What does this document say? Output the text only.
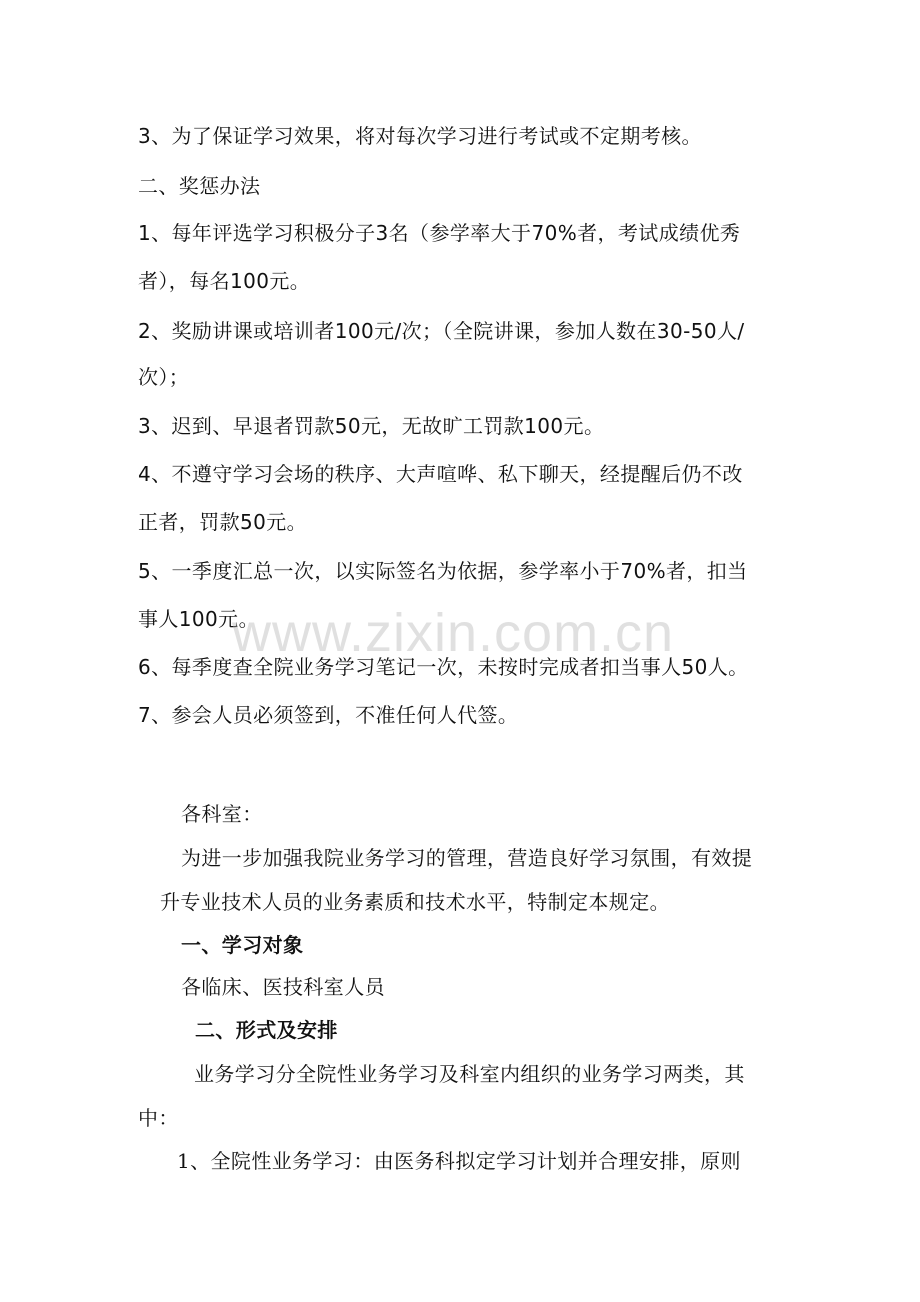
3、为了保证学习效果，将对每次学习进行考试或不定期考核。
二、奖惩办法
1、每年评选学习积极分子3名（参学率大于70%者，考试成绩优秀
者），每名100元。
2、奖励讲课或培训者100元/次；（全院讲课，参加人数在30-50人/
次）；
3、迟到、早退者罚款50元，无故旷工罚款100元。
4、不遵守学习会场的秩序、大声喧哗、私下聊天，经提醒后仍不改
正者，罚款50元。
5、一季度汇总一次，以实际签名为依据，参学率小于70%者，扣当
事人100元。
6、每季度查全院业务学习笔记一次，未按时完成者扣当事人50人。
7、参会人员必须签到，不准任何人代签。
各科室：
为进一步加强我院业务学习的管理，营造良好学习氛围，有效提
升专业技术人员的业务素质和技术水平，特制定本规定。
一、学习对象
各临床、医技科室人员
二、形式及安排
业务学习分全院性业务学习及科室内组织的业务学习两类，其
中：
1、全院性业务学习：由医务科拟定学习计划并合理安排，原则
www.zixin.com.cn
